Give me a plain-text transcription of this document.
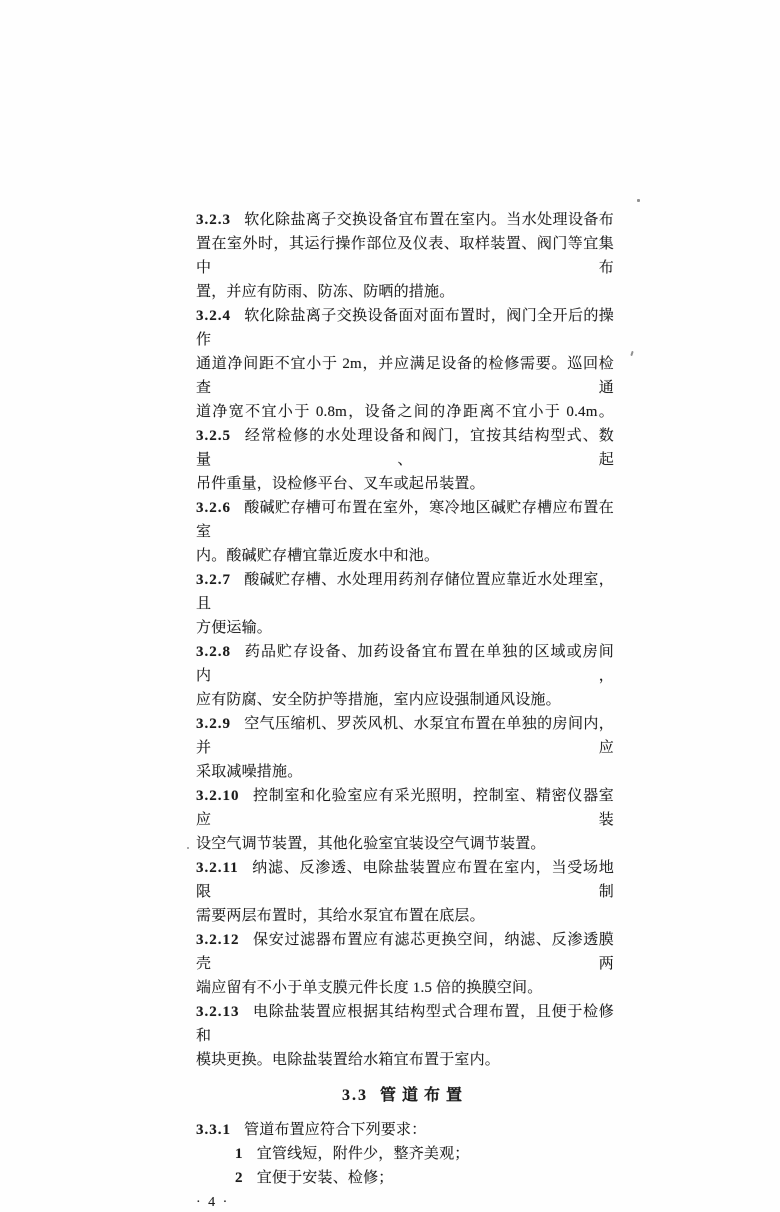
3.2.3 软化除盐离子交换设备宜布置在室内。当水处理设备布
置在室外时，其运行操作部位及仪表、取样装置、阀门等宜集中布
置，并应有防雨、防冻、防晒的措施。
3.2.4 软化除盐离子交换设备面对面布置时，阀门全开后的操作
通道净间距不宜小于 2m，并应满足设备的检修需要。巡回检查通
道净宽不宜小于 0.8m，设备之间的净距离不宜小于 0.4m。
3.2.5 经常检修的水处理设备和阀门，宜按其结构型式、数量、起
吊件重量，设检修平台、叉车或起吊装置。
3.2.6 酸碱贮存槽可布置在室外，寒冷地区碱贮存槽应布置在室
内。酸碱贮存槽宜靠近废水中和池。
3.2.7 酸碱贮存槽、水处理用药剂存储位置应靠近水处理室，且
方便运输。
3.2.8 药品贮存设备、加药设备宜布置在单独的区域或房间内，
应有防腐、安全防护等措施，室内应设强制通风设施。
3.2.9 空气压缩机、罗茨风机、水泵宜布置在单独的房间内，并应
采取减噪措施。
3.2.10 控制室和化验室应有采光照明，控制室、精密仪器室应装
设空气调节装置，其他化验室宜装设空气调节装置。
3.2.11 纳滤、反渗透、电除盐装置应布置在室内，当受场地限制
需要两层布置时，其给水泵宜布置在底层。
3.2.12 保安过滤器布置应有滤芯更换空间，纳滤、反渗透膜壳两
端应留有不小于单支膜元件长度 1.5 倍的换膜空间。
3.2.13 电除盐装置应根据其结构型式合理布置，且便于检修和
模块更换。电除盐装置给水箱宜布置于室内。
3.3 管道布置
3.3.1 管道布置应符合下列要求：
1 宜管线短，附件少，整齐美观；
2 宜便于安装、检修；
· 4 ·
